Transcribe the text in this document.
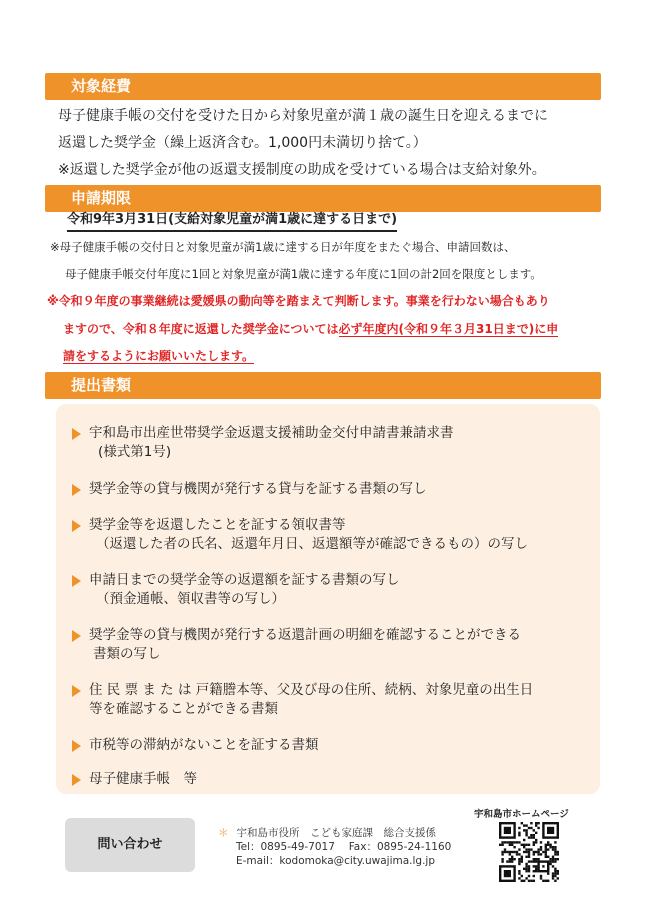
対象経費
母子健康手帳の交付を受けた日から対象児童が満１歳の誕生日を迎えるまでに
返還した奨学金（繰上返済含む。1,000円未満切り捨て。）
※返還した奨学金が他の返還支援制度の助成を受けている場合は支給対象外。
申請期限
令和9年3月31日(支給対象児童が満1歳に達する日まで)
※母子健康手帳の交付日と対象児童が満1歳に達する日が年度をまたぐ場合、申請回数は、
母子健康手帳交付年度に1回と対象児童が満1歳に達する年度に1回の計2回を限度とします。
※令和９年度の事業継続は愛媛県の動向等を踏まえて判断します。事業を行わない場合もあり
ますので、令和８年度に返還した奨学金については必ず年度内(令和９年３月31日まで)に申
請をするようにお願いいたします。
提出書類
宇和島市出産世帯奨学金返還支援補助金交付申請書兼請求書
(様式第1号)
奨学金等の貸与機関が発行する貸与を証する書類の写し
奨学金等を返還したことを証する領収書等
（返還した者の氏名、返還年月日、返還額等が確認できるもの）の写し
申請日までの奨学金等の返還額を証する書類の写し
（預金通帳、領収書等の写し）
奨学金等の貸与機関が発行する返還計画の明細を確認することができる
書類の写し
住 民 票 ま た は 戸籍謄本等、父及び母の住所、続柄、対象児童の出生日
等を確認することができる書類
市税等の滞納がないことを証する書類
母子健康手帳　等
問い合わせ
＊ 宇和島市役所　こども家庭課　総合支援係
Tel：0895-49-7017　 Fax：0895-24-1160
E-mail：kodomoka@city.uwajima.lg.jp
宇和島市ホームページ
